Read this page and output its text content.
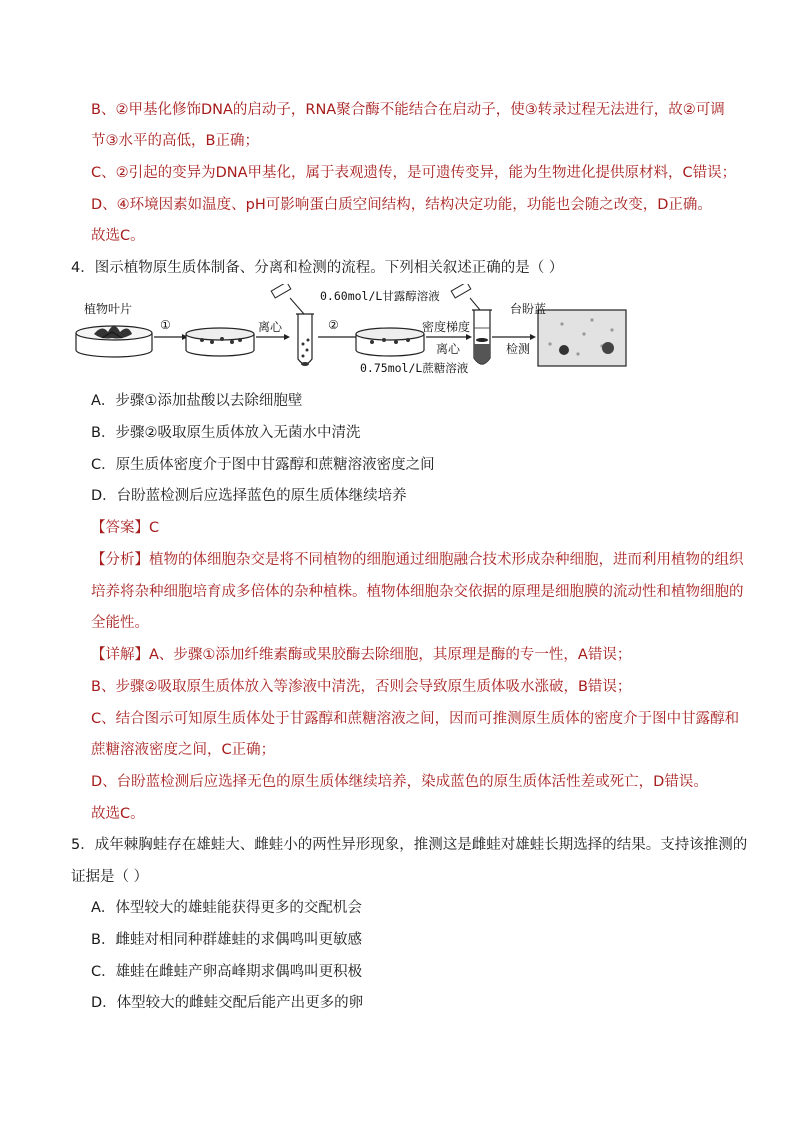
B、②甲基化修饰DNA的启动子，RNA聚合酶不能结合在启动子，使③转录过程无法进行，故②可调
节③水平的高低，B正确；
C、②引起的变异为DNA甲基化，属于表观遗传，是可遗传变异，能为生物进化提供原材料，C错误；
D、④环境因素如温度、pH可影响蛋白质空间结构，结构决定功能，功能也会随之改变，D正确。
故选C。
4．图示植物原生质体制备、分离和检测的流程。下列相关叙述正确的是（ ）
植物叶片
①	离心	②
0.60mol/L甘露醇溶液
密度梯度
离心
0.75mol/L蔗糖溶液
台盼蓝
检测
A．步骤①添加盐酸以去除细胞壁
B．步骤②吸取原生质体放入无菌水中清洗
C．原生质体密度介于图中甘露醇和蔗糖溶液密度之间
D．台盼蓝检测后应选择蓝色的原生质体继续培养
【答案】C
【分析】植物的体细胞杂交是将不同植物的细胞通过细胞融合技术形成杂种细胞，进而利用植物的组织
培养将杂种细胞培育成多倍体的杂种植株。植物体细胞杂交依据的原理是细胞膜的流动性和植物细胞的
全能性。
【详解】A、步骤①添加纤维素酶或果胶酶去除细胞，其原理是酶的专一性，A错误；
B、步骤②吸取原生质体放入等渗液中清洗，否则会导致原生质体吸水涨破，B错误；
C、结合图示可知原生质体处于甘露醇和蔗糖溶液之间，因而可推测原生质体的密度介于图中甘露醇和
蔗糖溶液密度之间，C正确；
D、台盼蓝检测后应选择无色的原生质体继续培养，染成蓝色的原生质体活性差或死亡，D错误。
故选C。
5．成年棘胸蛙存在雄蛙大、雌蛙小的两性异形现象，推测这是雌蛙对雄蛙长期选择的结果。支持该推测的
证据是（ ）
A．体型较大的雄蛙能获得更多的交配机会
B．雌蛙对相同种群雄蛙的求偶鸣叫更敏感
C．雄蛙在雌蛙产卵高峰期求偶鸣叫更积极
D．体型较大的雌蛙交配后能产出更多的卵
